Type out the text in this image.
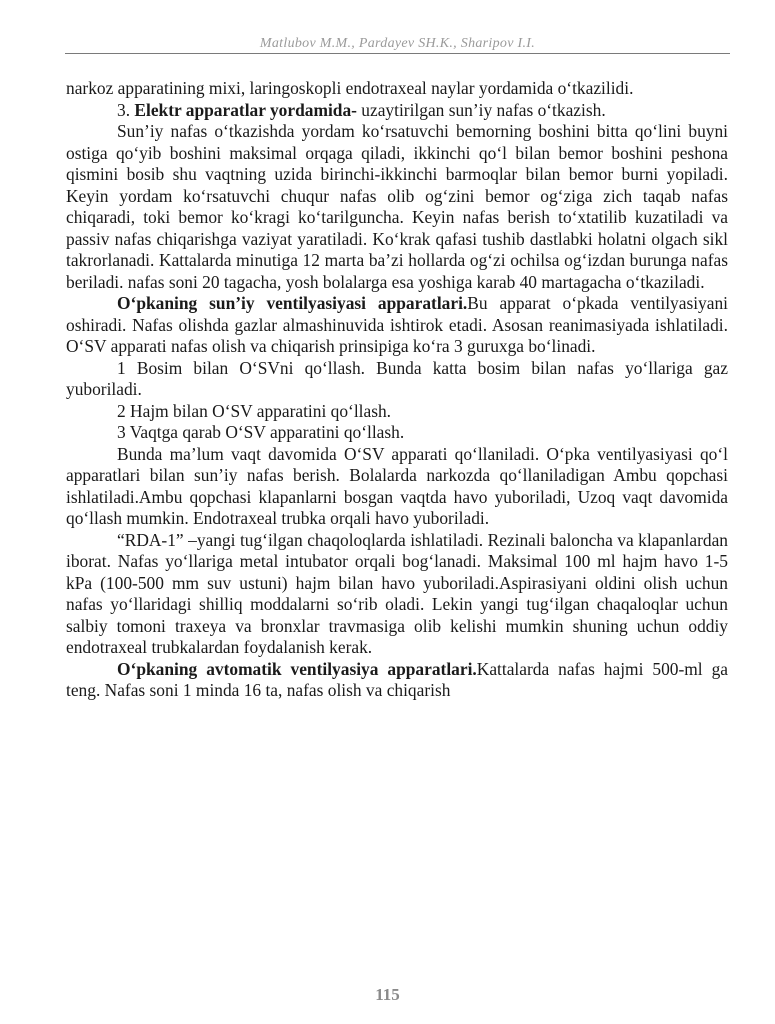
Matlubov M.M., Pardayev SH.K., Sharipov I.I.

narkoz apparatining mixi, laringoskopli endotraxeal naylar yordamida o‘tkazilidi.

3. Elektr apparatlar yordamida- uzaytirilgan sun’iy nafas o‘tkazish.

Sun’iy nafas o‘tkazishda yordam ko‘rsatuvchi bemorning boshini bitta qo‘lini buyni ostiga qo‘yib boshini maksimal orqaga qiladi, ikkinchi qo‘l bilan bemor boshini peshona qismini bosib shu vaqtning uzida birinchi-ikkinchi barmoqlar bilan bemor burni yopiladi. Keyin yordam ko‘rsatuvchi chuqur nafas olib og‘zini bemor og‘ziga zich taqab nafas chiqaradi, toki bemor ko‘kragi ko‘tarilguncha. Keyin nafas berish to‘xtatilib kuzatiladi va passiv nafas chiqarishga vaziyat yaratiladi. Ko‘krak qafasi tushib dastlabki holatni olgach sikl takrorlanadi. Kattalarda minutiga 12 marta ba’zi hollarda og‘zi ochilsa og‘izdan burunga nafas beriladi. nafas soni 20 tagacha, yosh bolalarga esa yoshiga karab 40 martagacha o‘tkaziladi.

O‘pkaning sun’iy ventilyasiyasi apparatlari.Bu apparat o‘pkada ventilyasiyani oshiradi. Nafas olishda gazlar almashinuvida ishtirok etadi. Asosan reanimasiyada ishlatiladi. O‘SV apparati nafas olish va chiqarish prinsipiga ko‘ra 3 guruxga bo‘linadi.

1 Bosim bilan O‘SVni qo‘llash. Bunda katta bosim bilan nafas yo‘llariga gaz yuboriladi.

2 Hajm bilan O‘SV apparatini qo‘llash.

3 Vaqtga qarab O‘SV apparatini qo‘llash.

Bunda ma’lum vaqt davomida O‘SV apparati qo‘llaniladi. O‘pka ventilyasiyasi qo‘l apparatlari bilan sun’iy nafas berish. Bolalarda narkozda qo‘llaniladigan Ambu qopchasi ishlatiladi.Ambu qopchasi klapanlarni bosgan vaqtda havo yuboriladi, Uzoq vaqt davomida qo‘llash mumkin. Endotraxeal trubka orqali havo yuboriladi.

“RDA-1” –yangi tug‘ilgan chaqoloqlarda ishlatiladi. Rezinali baloncha va klapanlardan iborat. Nafas yo‘llariga metal intubator orqali bog‘lanadi. Maksimal 100 ml hajm havo 1-5 kPa (100-500 mm suv ustuni) hajm bilan havo yuboriladi.Aspirasiyani oldini olish uchun nafas yo‘llaridagi shilliq moddalarni so‘rib oladi. Lekin yangi tug‘ilgan chaqaloqlar uchun salbiy tomoni traxeya va bronxlar travmasiga olib kelishi mumkin shuning uchun oddiy endotraxeal trubkalardan foydalanish kerak.

O‘pkaning avtomatik ventilyasiya apparatlari.Kattalarda nafas hajmi 500-ml ga teng. Nafas soni 1 minda 16 ta, nafas olish va chiqarish

115
